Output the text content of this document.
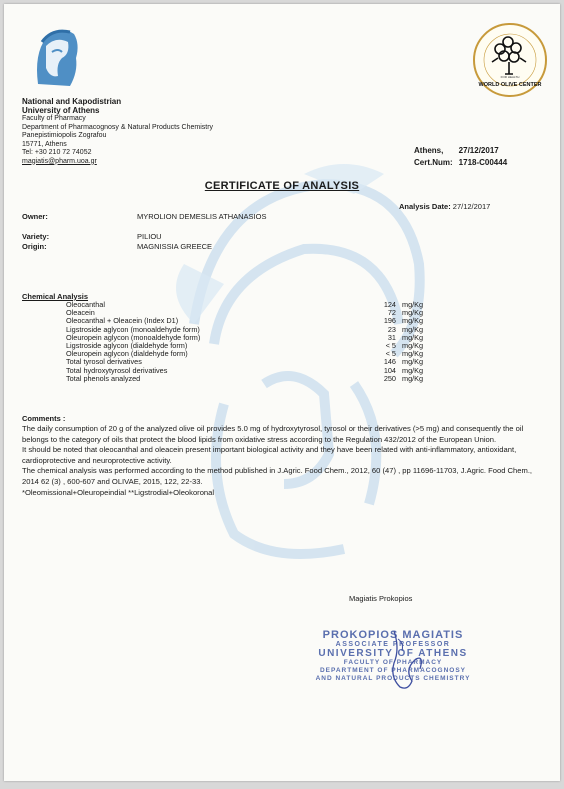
FOR HEALTH
WORLD OLIVE CENTER
National and Kapodistrian
University of Athens
Faculty of Pharmacy
Department of Pharmacognosy & Natural Products Chemistry
Panepistimiopolis Zografou
15771, Athens
Tel: +30 210 72 74052
magiatis@pharm.uoa.gr
Athens,	27/12/2017
Cert.Num:	1718-C00444
CERTIFICATE OF ANALYSIS
Analysis Date: 27/12/2017
Owner:	MYROLION DEMESLIS ATHANASIOS
Variety:	PILIOU
Origin:	MAGNISSIA GREECE
Chemical Analysis
Oleocanthal	124	mg/Kg
Oleacein	72	mg/Kg
Oleocanthal + Oleacein (Index D1)	196	mg/Kg
Ligstroside aglycon (monoaldehyde form)	23	mg/Kg
Oleuropein aglycon (monoaldehyde form)	31	mg/Kg
Ligstroside aglycon (dialdehyde form)	< 5	mg/Kg
Oleuropein aglycon (dialdehyde form)	< 5	mg/Kg
Total tyrosol derivatives	146	mg/Kg
Total hydroxytyrosol derivatives	104	mg/Kg
Total phenols analyzed	250	mg/Kg
Comments :

The daily consumption of 20 g of the analyzed olive oil provides 5.0 mg of hydroxytyrosol, tyrosol or their derivatives (>5 mg) and consequently the oil belongs to the category of oils that protect the blood lipids from oxidative stress according to the Regulation 432/2012 of the European Union.

It should be noted that oleocanthal and oleacein present important biological activity and they have been related with anti-inflammatory, antioxidant, cardioprotective and neuroprotective activity.

The chemical analysis was performed according to the method published in J.Agric. Food Chem., 2012, 60 (47) , pp 11696-11703, J.Agric. Food Chem., 2014 62 (3) , 600-607 and OLIVAE, 2015, 122, 22-33.

*Oleomissional+Oleuropeindial **Ligstrodial+Oleokoronal

Magiatis Prokopios
PROKOPIOS MAGIATIS
ASSOCIATE PROFESSOR
UNIVERSITY OF ATHENS
FACULTY OF PHARMACY
DEPARTMENT OF PHARMACOGNOSY
AND NATURAL PRODUCTS CHEMISTRY
